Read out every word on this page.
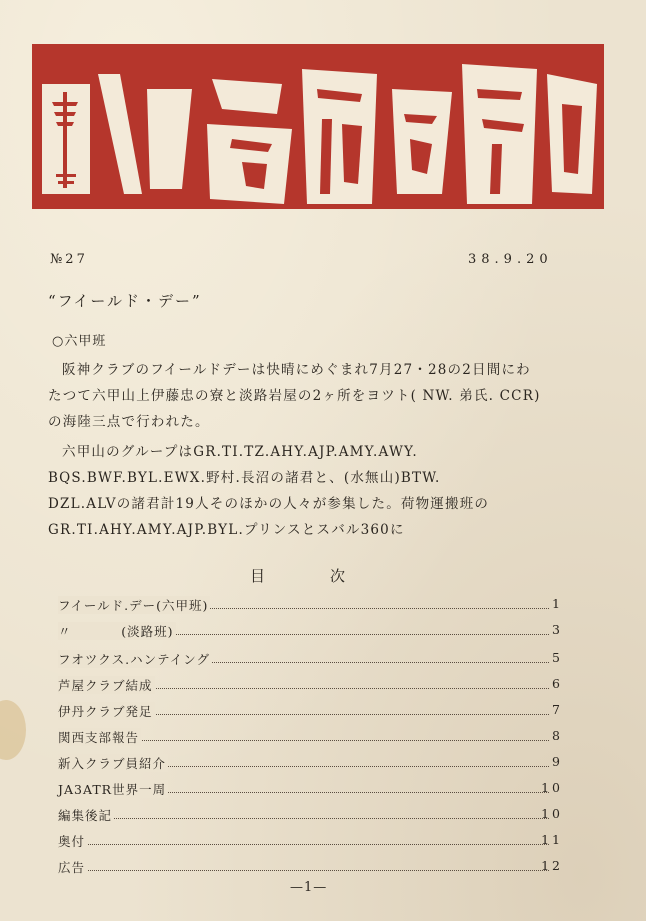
№27	38.9.20
“フイールド・デー”
○六甲班
阪神クラブのフイールドデーは快晴にめぐまれ7月27・28の2日間にわ
たつて六甲山上伊藤忠の寮と淡路岩屋の2ヶ所をヨツト( NW. 弟氏. CCR)
の海陸三点で行われた。
六甲山のグループはGR.TI.TZ.AHY.AJP.AMY.AWY.
BQS.BWF.BYL.EWX.野村.長沼の諸君と、(水無山)BTW.
DZL.ALVの諸君計19人そのほかの人々が参集した。荷物運搬班の
GR.TI.AHY.AMY.AJP.BYL.プリンスとスバル360に
目	次
フイールド.デー(六甲班)	1
〃          (淡路班)	3
フオツクス.ハンテイング	5
芦屋クラブ結成	6
伊丹クラブ発足	7
関西支部報告	8
新入クラブ員紹介	9
JA3ATR世界一周	10
編集後記	10
奥付	11
広告	12
—1—
